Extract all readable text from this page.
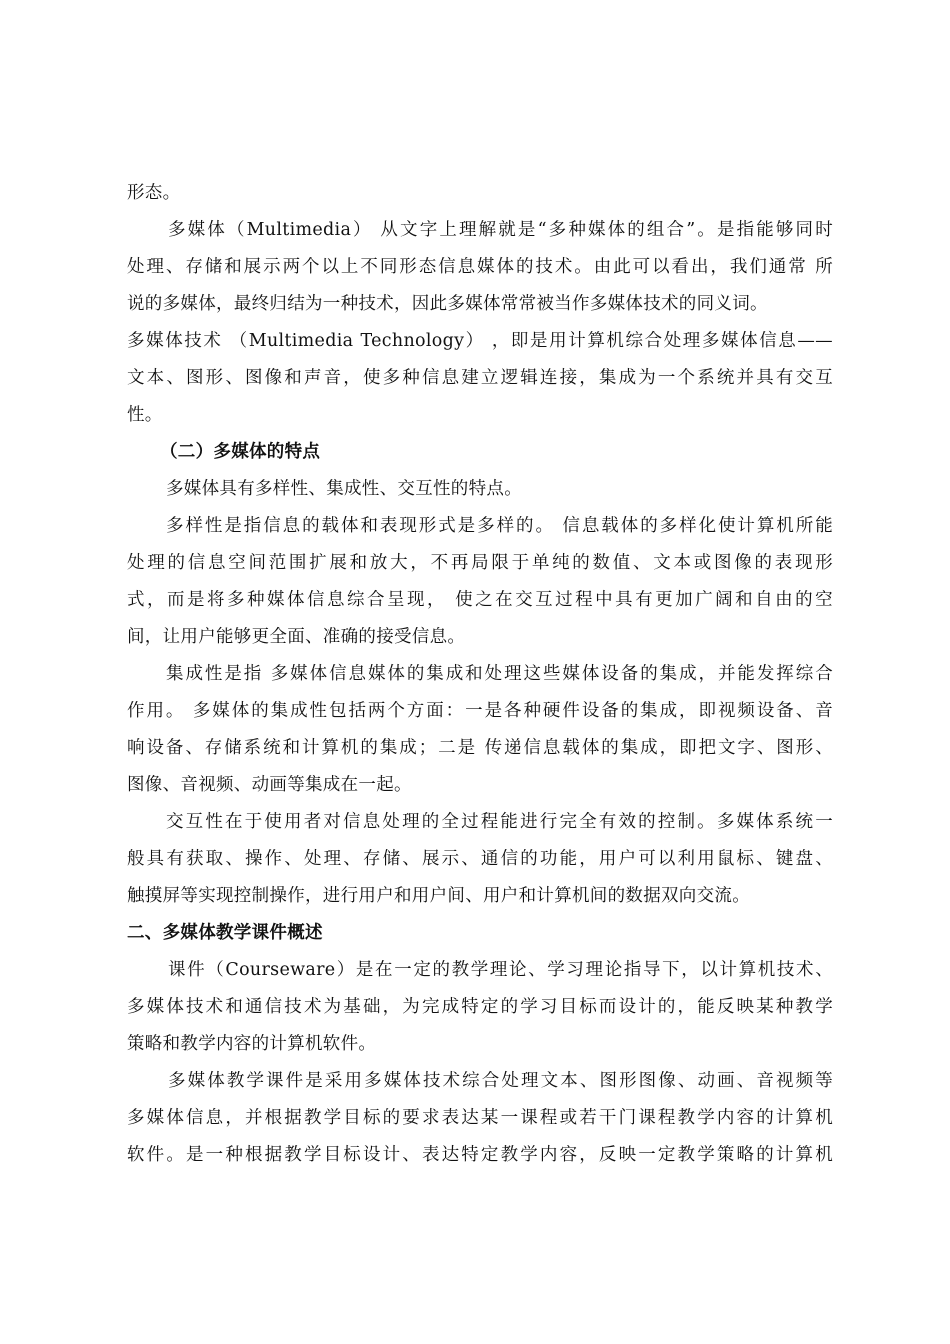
形态。
多媒体（Multimedia） 从文字上理解就是“多种媒体的组合”。是指能够同时
处理、存储和展示两个以上不同形态信息媒体的技术。由此可以看出，我们通常 所
说的多媒体，最终归结为一种技术，因此多媒体常常被当作多媒体技术的同义词。
多媒体技术 （Multimedia Technology） ，即是用计算机综合处理多媒体信息——
文本、图形、图像和声音，使多种信息建立逻辑连接，集成为一个系统并具有交互
性。
（二）多媒体的特点
多媒体具有多样性、集成性、交互性的特点。
多样性是指信息的载体和表现形式是多样的。 信息载体的多样化使计算机所能
处理的信息空间范围扩展和放大，不再局限于单纯的数值、文本或图像的表现形
式，而是将多种媒体信息综合呈现， 使之在交互过程中具有更加广阔和自由的空
间，让用户能够更全面、准确的接受信息。
集成性是指 多媒体信息媒体的集成和处理这些媒体设备的集成，并能发挥综合
作用。 多媒体的集成性包括两个方面：一是各种硬件设备的集成，即视频设备、音
响设备、存储系统和计算机的集成；二是 传递信息载体的集成，即把文字、图形、
图像、音视频、动画等集成在一起。
交互性在于使用者对信息处理的全过程能进行完全有效的控制。多媒体系统一
般具有获取、操作、处理、存储、展示、通信的功能，用户可以利用鼠标、键盘、
触摸屏等实现控制操作，进行用户和用户间、用户和计算机间的数据双向交流。
二、多媒体教学课件概述
课件（Courseware）是在一定的教学理论、学习理论指导下，以计算机技术、
多媒体技术和通信技术为基础，为完成特定的学习目标而设计的，能反映某种教学
策略和教学内容的计算机软件。
多媒体教学课件是采用多媒体技术综合处理文本、图形图像、动画、音视频等
多媒体信息，并根据教学目标的要求表达某一课程或若干门课程教学内容的计算机
软件。是一种根据教学目标设计、表达特定教学内容，反映一定教学策略的计算机
